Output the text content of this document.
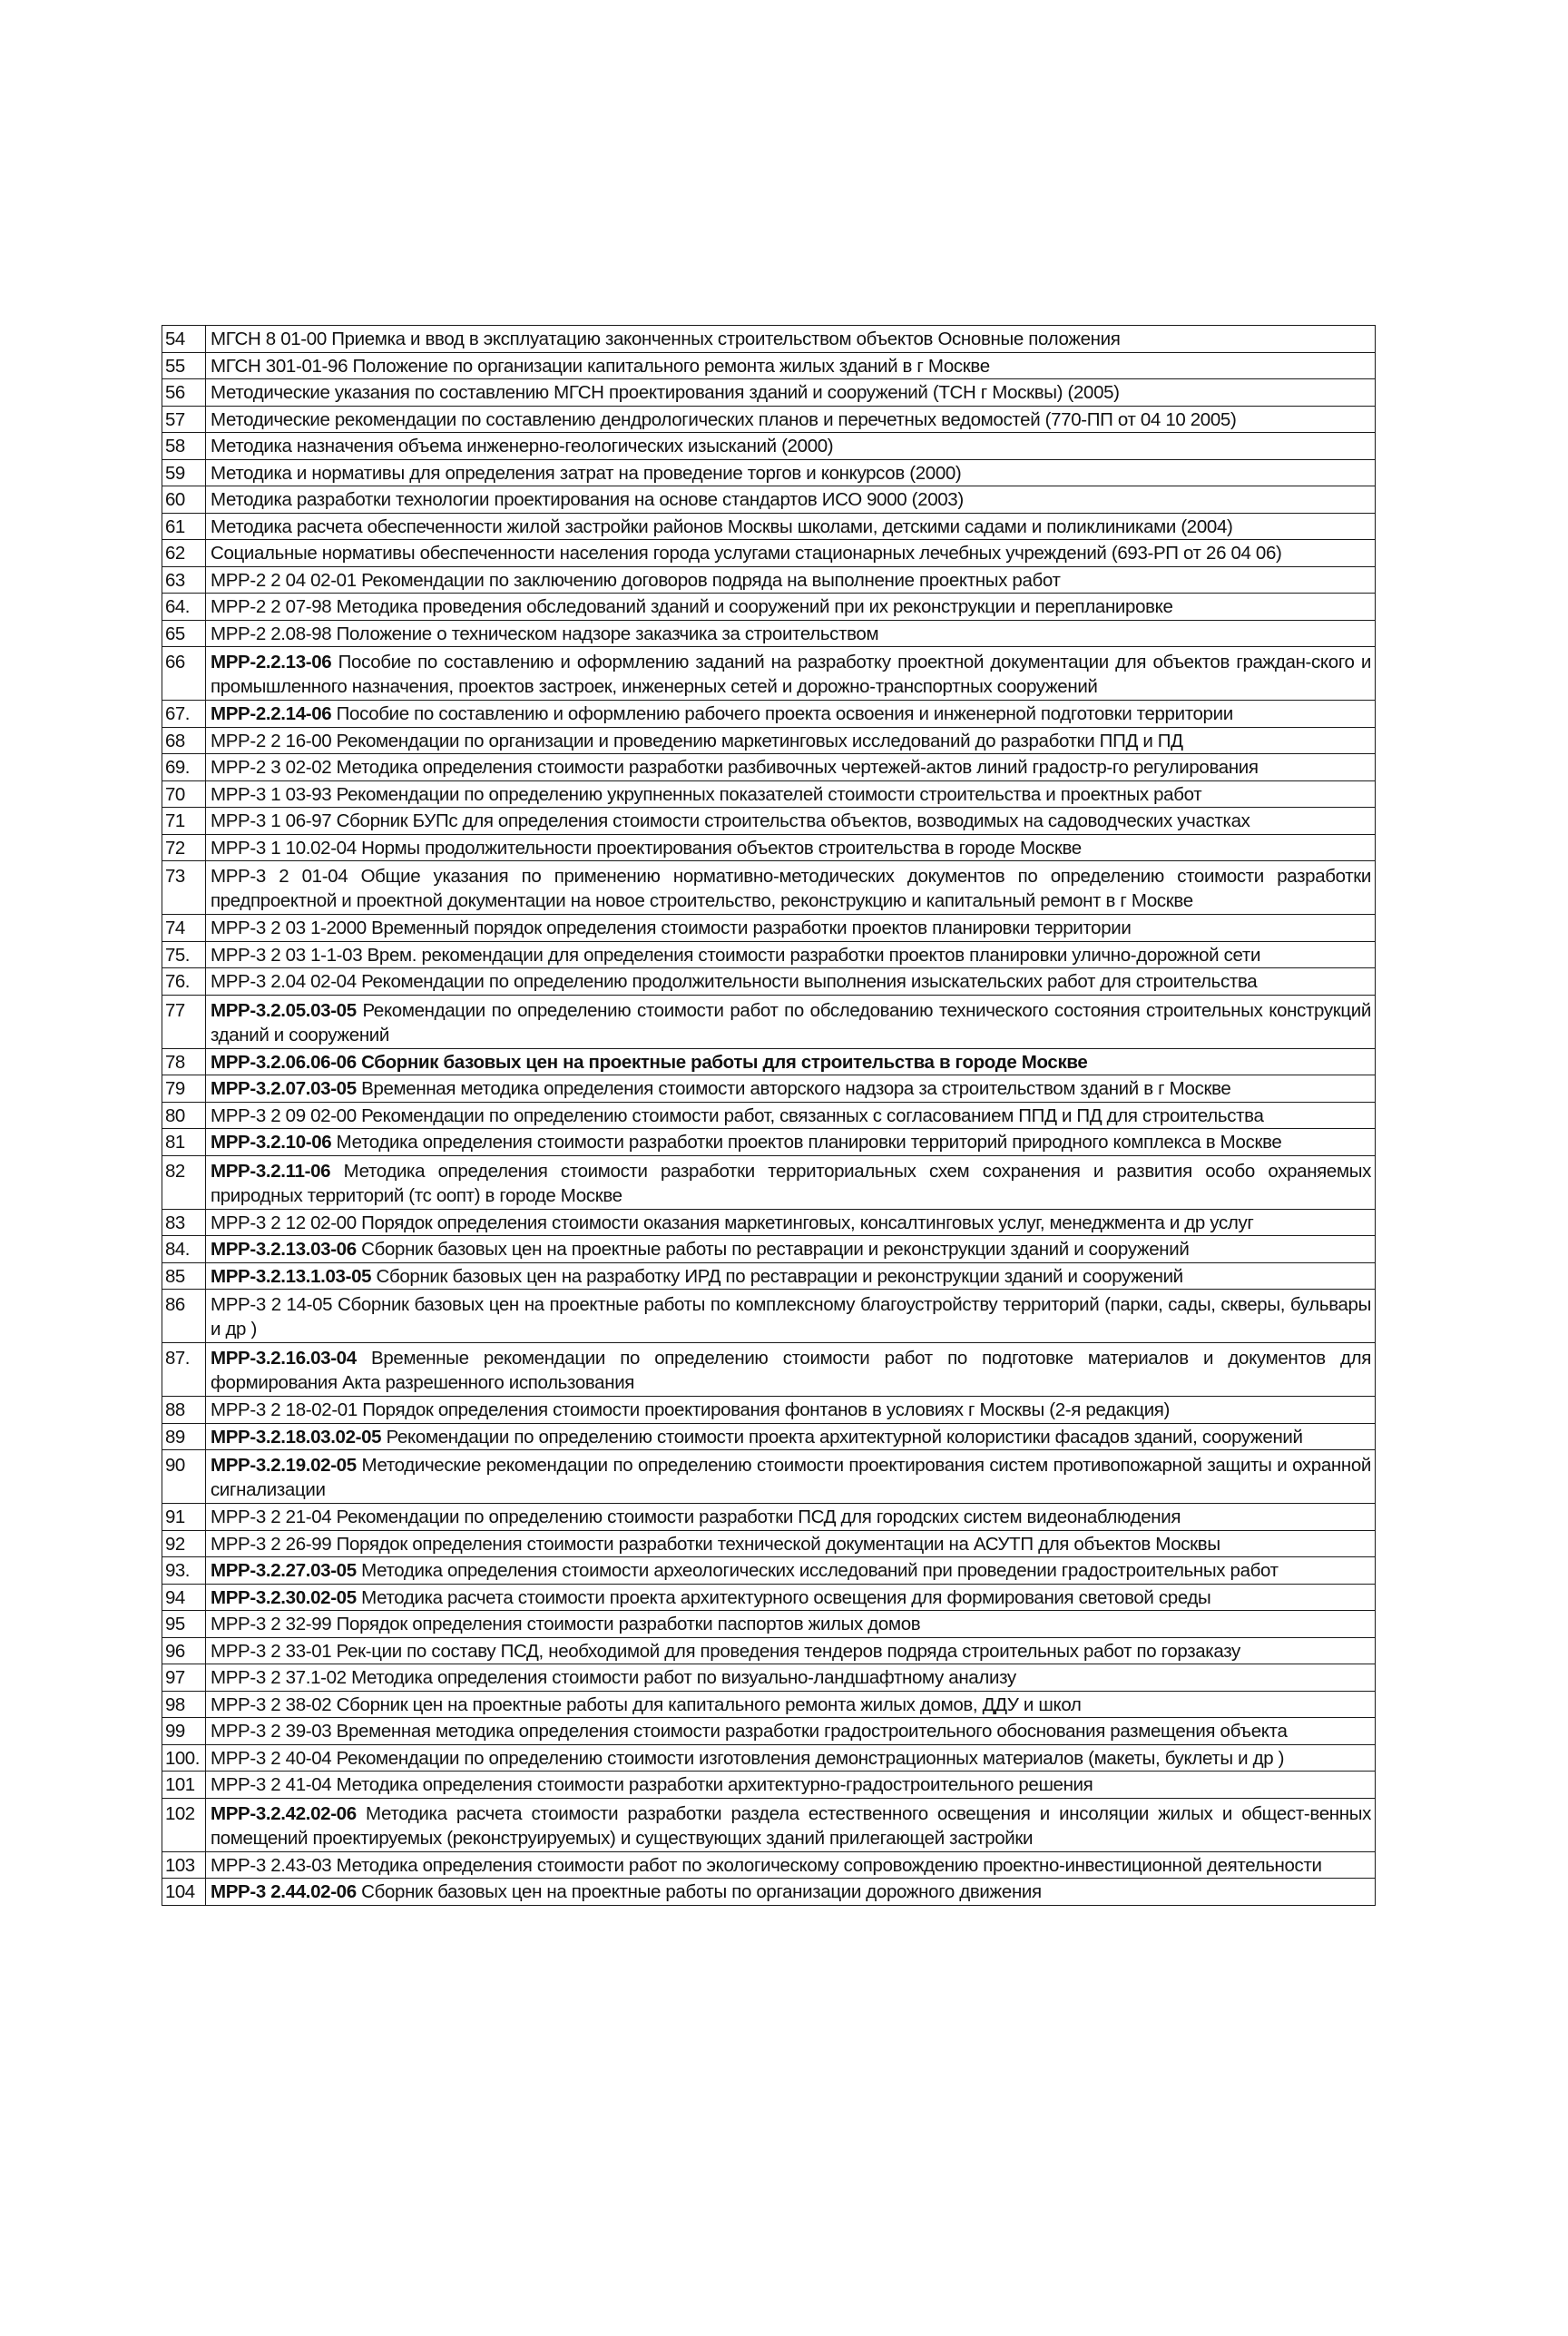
54	МГСН 8 01-00 Приемка и ввод в эксплуатацию законченных строительством объектов Основные положения
55	МГСН 301-01-96 Положение по организации капитального ремонта жилых зданий в г Москве
56	Методические указания по составлению МГСН проектирования зданий и сооружений (ТСН г Москвы) (2005)
57	Методические рекомендации по составлению дендрологических планов и перечетных ведомостей (770-ПП от 04 10 2005)
58	Методика назначения объема инженерно-геологических изысканий (2000)
59	Методика и нормативы для определения затрат на проведение торгов и конкурсов (2000)
60	Методика разработки технологии проектирования на основе стандартов ИСО 9000 (2003)
61	Методика расчета обеспеченности жилой застройки районов Москвы школами, детскими садами и поликлиниками (2004)
62	Социальные нормативы обеспеченности населения города услугами стационарных лечебных учреждений (693-РП от 26 04 06)
63	МРР-2 2 04 02-01 Рекомендации по заключению договоров подряда на выполнение проектных работ
64.	МРР-2 2 07-98 Методика проведения обследований зданий и сооружений при их реконструкции и перепланировке
65	МРР-2 2.08-98 Положение о техническом надзоре заказчика за строительством
66	МРР-2.2.13-06 Пособие по составлению и оформлению заданий на разработку проектной документации для объектов граждан-ского и промышленного назначения, проектов застроек, инженерных сетей и дорожно-транспортных сооружений
67.	МРР-2.2.14-06 Пособие по составлению и оформлению рабочего проекта освоения и инженерной подготовки территории
68	МРР-2 2 16-00 Рекомендации по организации и проведению маркетинговых исследований до разработки ППД и ПД
69.	МРР-2 3 02-02 Методика определения стоимости разработки разбивочных чертежей-актов линий градостр-го регулирования
70	МРР-3 1 03-93 Рекомендации по определению укрупненных показателей стоимости строительства и проектных работ
71	МРР-3 1 06-97 Сборник БУПс для определения стоимости строительства объектов, возводимых на садоводческих участках
72	МРР-3 1 10.02-04 Нормы продолжительности проектирования объектов строительства в городе Москве
73	МРР-3 2 01-04 Общие указания по применению нормативно-методических документов по определению стоимости разработки предпроектной и проектной документации на новое строительство, реконструкцию и капитальный ремонт в г Москве
74	МРР-3 2 03 1-2000 Временный порядок определения стоимости разработки проектов планировки территории
75.	МРР-3 2 03 1-1-03 Врем. рекомендации для определения стоимости разработки проектов планировки улично-дорожной сети
76.	МРР-3 2.04 02-04 Рекомендации по определению продолжительности выполнения изыскательских работ для строительства
77	МРР-3.2.05.03-05 Рекомендации по определению стоимости работ по обследованию технического состояния строительных конструкций зданий и сооружений
78	МРР-3.2.06.06-06 Сборник базовых цен на проектные работы для строительства в городе Москве
79	МРР-3.2.07.03-05 Временная методика определения стоимости авторского надзора за строительством зданий в г Москве
80	МРР-3 2 09 02-00 Рекомендации по определению стоимости работ, связанных с согласованием ППД и ПД для строительства
81	МРР-3.2.10-06 Методика определения стоимости разработки проектов планировки территорий природного комплекса в Москве
82	МРР-3.2.11-06 Методика определения стоимости разработки территориальных схем сохранения и развития особо охраняемых природных территорий (тс оопт) в городе Москве
83	МРР-3 2 12 02-00 Порядок определения стоимости оказания маркетинговых, консалтинговых услуг, менеджмента и др услуг
84.	МРР-3.2.13.03-06 Сборник базовых цен на проектные работы по реставрации и реконструкции зданий и сооружений
85	МРР-3.2.13.1.03-05 Сборник базовых цен на разработку ИРД по реставрации и реконструкции зданий и сооружений
86	МРР-3 2 14-05 Сборник базовых цен на проектные работы по комплексному благоустройству территорий (парки, сады, скверы, бульвары и др )
87.	МРР-3.2.16.03-04 Временные рекомендации по определению стоимости работ по подготовке материалов и документов для формирования Акта разрешенного использования
88	МРР-3 2 18-02-01 Порядок определения стоимости проектирования фонтанов в условиях г Москвы (2-я редакция)
89	МРР-3.2.18.03.02-05 Рекомендации по определению стоимости проекта архитектурной колористики фасадов зданий, сооружений
90	МРР-3.2.19.02-05 Методические рекомендации по определению стоимости проектирования систем противопожарной защиты и охранной сигнализации
91	МРР-3 2 21-04 Рекомендации по определению стоимости разработки ПСД для городских систем видеонаблюдения
92	МРР-3 2 26-99 Порядок определения стоимости разработки технической документации на АСУТП для объектов Москвы
93.	МРР-3.2.27.03-05 Методика определения стоимости археологических исследований при проведении градостроительных работ
94	МРР-3.2.30.02-05 Методика расчета стоимости проекта архитектурного освещения для формирования световой среды
95	МРР-3 2 32-99 Порядок определения стоимости разработки паспортов жилых домов
96	МРР-3 2 33-01 Рек-ции по составу ПСД, необходимой для проведения тендеров подряда строительных работ по горзаказу
97	МРР-3 2 37.1-02 Методика определения стоимости работ по визуально-ландшафтному анализу
98	МРР-3 2 38-02 Сборник цен на проектные работы для капитального ремонта жилых домов, ДДУ и школ
99	МРР-3 2 39-03 Временная методика определения стоимости разработки градостроительного обоснования размещения объекта
100.	МРР-3 2 40-04 Рекомендации по определению стоимости изготовления демонстрационных материалов (макеты, буклеты и др )
101	МРР-3 2 41-04 Методика определения стоимости разработки архитектурно-градостроительного решения
102	МРР-3.2.42.02-06 Методика расчета стоимости разработки раздела естественного освещения и инсоляции жилых и общест-венных помещений проектируемых (реконструируемых) и существующих зданий прилегающей застройки
103	МРР-3 2.43-03 Методика определения стоимости работ по экологическому сопровождению проектно-инвестиционной деятельности
104	МРР-3 2.44.02-06 Сборник базовых цен на проектные работы по организации дорожного движения
